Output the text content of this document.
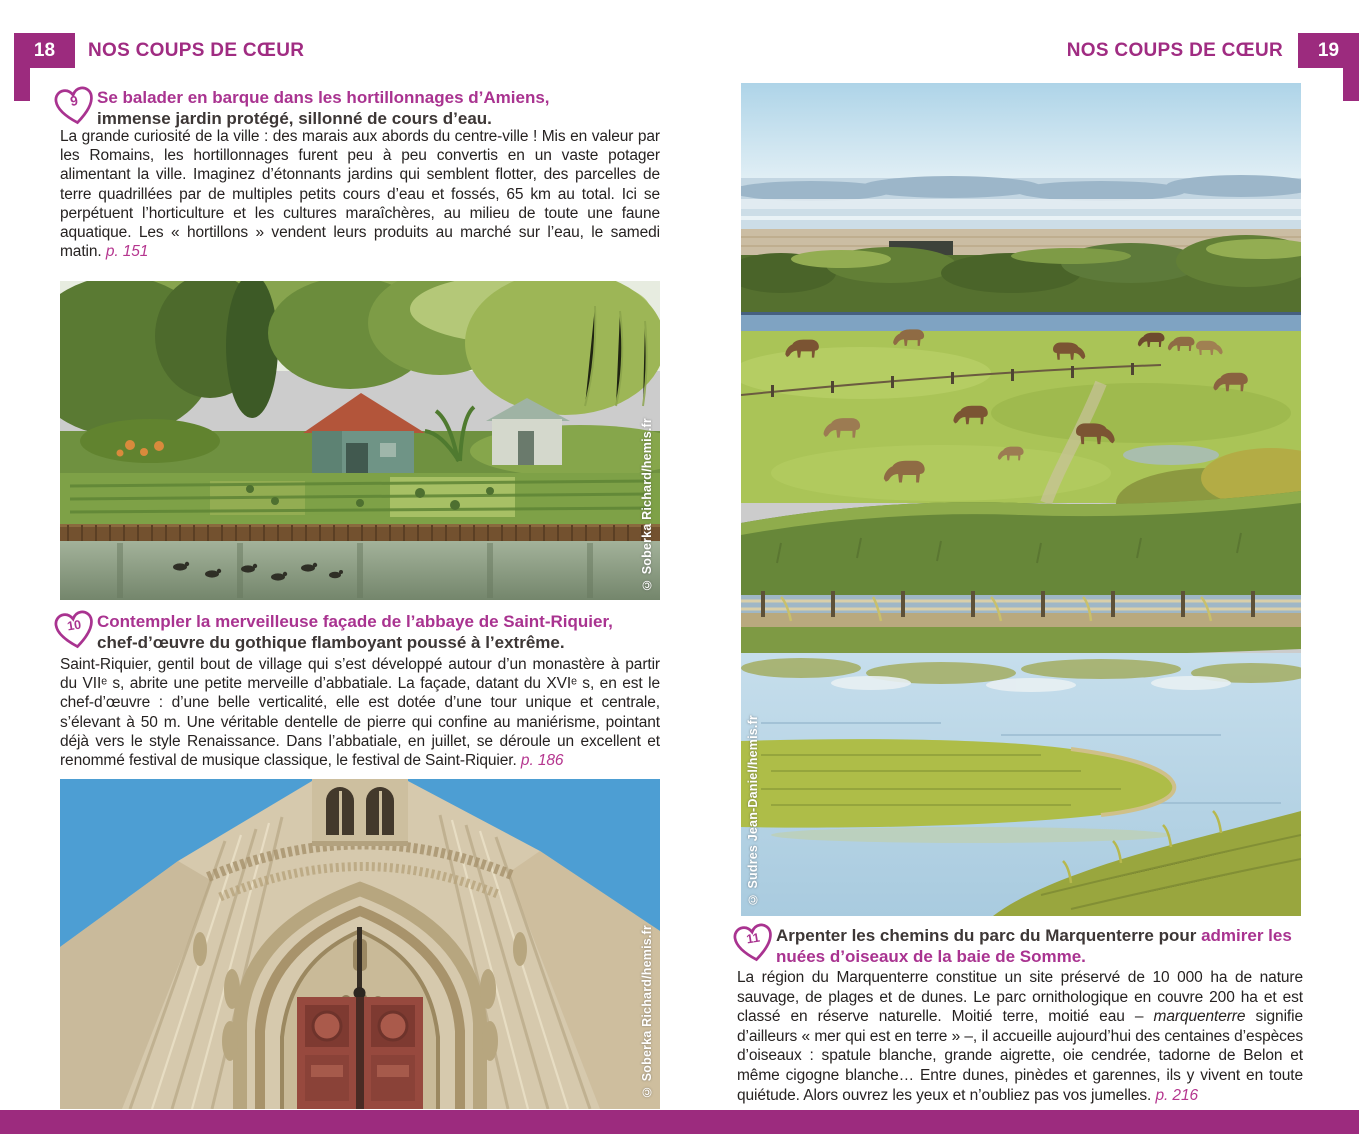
18	NOS COUPS DE CŒUR	NOS COUPS DE CŒUR	19
9 Se balader en barque dans les hortillonnages d’Amiens,
immense jardin protégé, sillonné de cours d’eau.

La grande curiosité de la ville : des marais aux abords du centre-ville ! Mis en valeur par les Romains, les hortillonnages furent peu à peu convertis en un vaste potager alimentant la ville. Imaginez d’étonnants jardins qui semblent flotter, des parcelles de terre quadrillées par de multiples petits cours d’eau et fossés, 65 km au total. Ici se perpétuent l’horticulture et les cultures maraîchères, au milieu de toute une faune aquatique. Les « hortillons » vendent leurs produits au marché sur l’eau, le samedi matin. p. 151

© Soberka Richard/hemis.fr
10 Contempler la merveilleuse façade de l’abbaye de Saint-Riquier,
chef-d’œuvre du gothique flamboyant poussé à l’extrême.

Saint-Riquier, gentil bout de village qui s’est développé autour d’un monastère à partir du VIIᵉ s, abrite une petite merveille d’abbatiale. La façade, datant du XVIᵉ s, en est le chef-d’œuvre : d’une belle verticalité, elle est dotée d’une tour unique et centrale, s’élevant à 50 m. Une véritable dentelle de pierre qui confine au maniérisme, pointant déjà vers le style Renaissance. Dans l’abbatiale, en juillet, se déroule un excellent et renommé festival de musique classique, le festival de Saint-Riquier. p. 186

© Soberka Richard/hemis.fr
© Sudres Jean-Daniel/hemis.fr
11 Arpenter les chemins du parc du Marquenterre pour admirer les nuées d’oiseaux de la baie de Somme.

La région du Marquenterre constitue un site préservé de 10 000 ha de nature sauvage, de plages et de dunes. Le parc ornithologique en couvre 200 ha et est classé en réserve naturelle. Moitié terre, moitié eau – marquenterre signifie d’ailleurs « mer qui est en terre » –, il accueille aujourd’hui des centaines d’espèces d’oiseaux : spatule blanche, grande aigrette, oie cendrée, tadorne de Belon et même cigogne blanche… Entre dunes, pinèdes et garennes, ils y vivent en toute quiétude. Alors ouvrez les yeux et n’oubliez pas vos jumelles. p. 216
